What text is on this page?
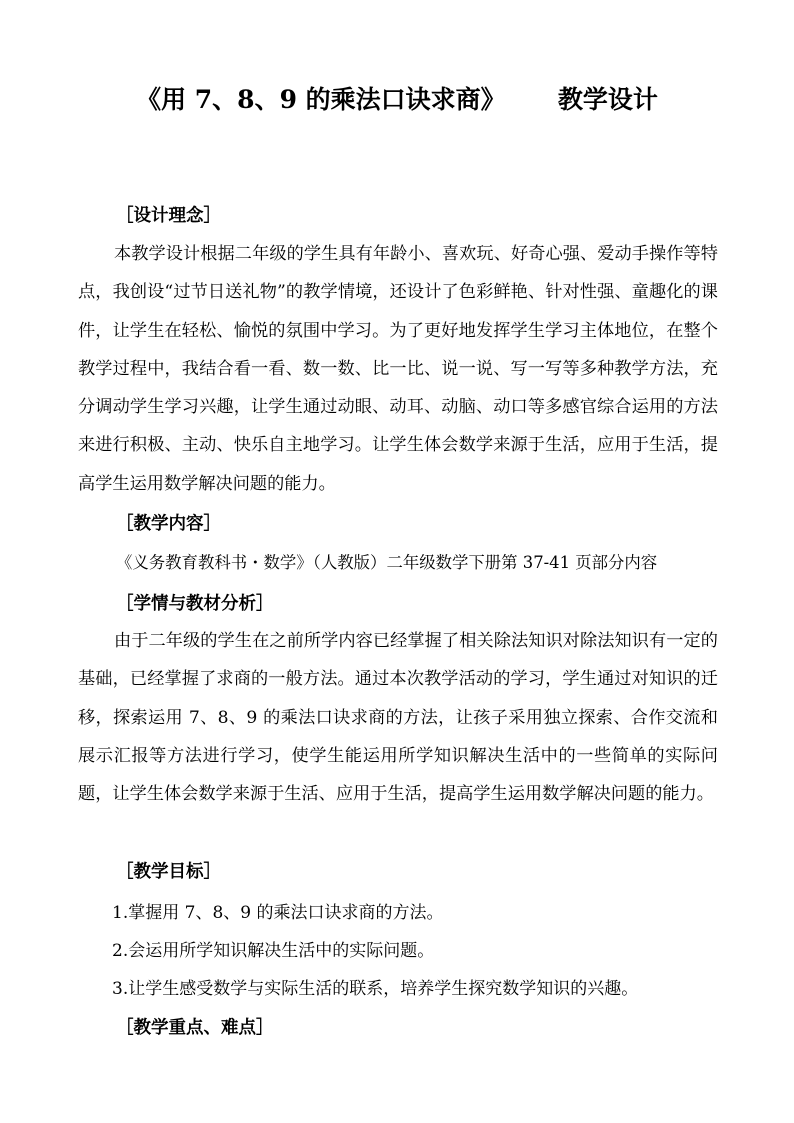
《用 7、8、9 的乘法口诀求商》      教学设计
［设计理念］

本教学设计根据二年级的学生具有年龄小、喜欢玩、好奇心强、爱动手操作等特点，我创设“过节日送礼物”的教学情境，还设计了色彩鲜艳、针对性强、童趣化的课件，让学生在轻松、愉悦的氛围中学习。为了更好地发挥学生学习主体地位，在整个教学过程中，我结合看一看、数一数、比一比、说一说、写一写等多种教学方法，充分调动学生学习兴趣，让学生通过动眼、动耳、动脑、动口等多感官综合运用的方法来进行积极、主动、快乐自主地学习。让学生体会数学来源于生活，应用于生活，提高学生运用数学解决问题的能力。

［教学内容］
《义务教育教科书・数学》（人教版）二年级数学下册第 37-41 页部分内容
［学情与教材分析］

由于二年级的学生在之前所学内容已经掌握了相关除法知识对除法知识有一定的基础，已经掌握了求商的一般方法。通过本次教学活动的学习，学生通过对知识的迁移，探索运用 7、8、9 的乘法口诀求商的方法，让孩子采用独立探索、合作交流和展示汇报等方法进行学习，使学生能运用所学知识解决生活中的一些简单的实际问题，让学生体会数学来源于生活、应用于生活，提高学生运用数学解决问题的能力。

［教学目标］
1.掌握用 7、8、9 的乘法口诀求商的方法。
2.会运用所学知识解决生活中的实际问题。
3.让学生感受数学与实际生活的联系，培养学生探究数学知识的兴趣。
［教学重点、难点］
